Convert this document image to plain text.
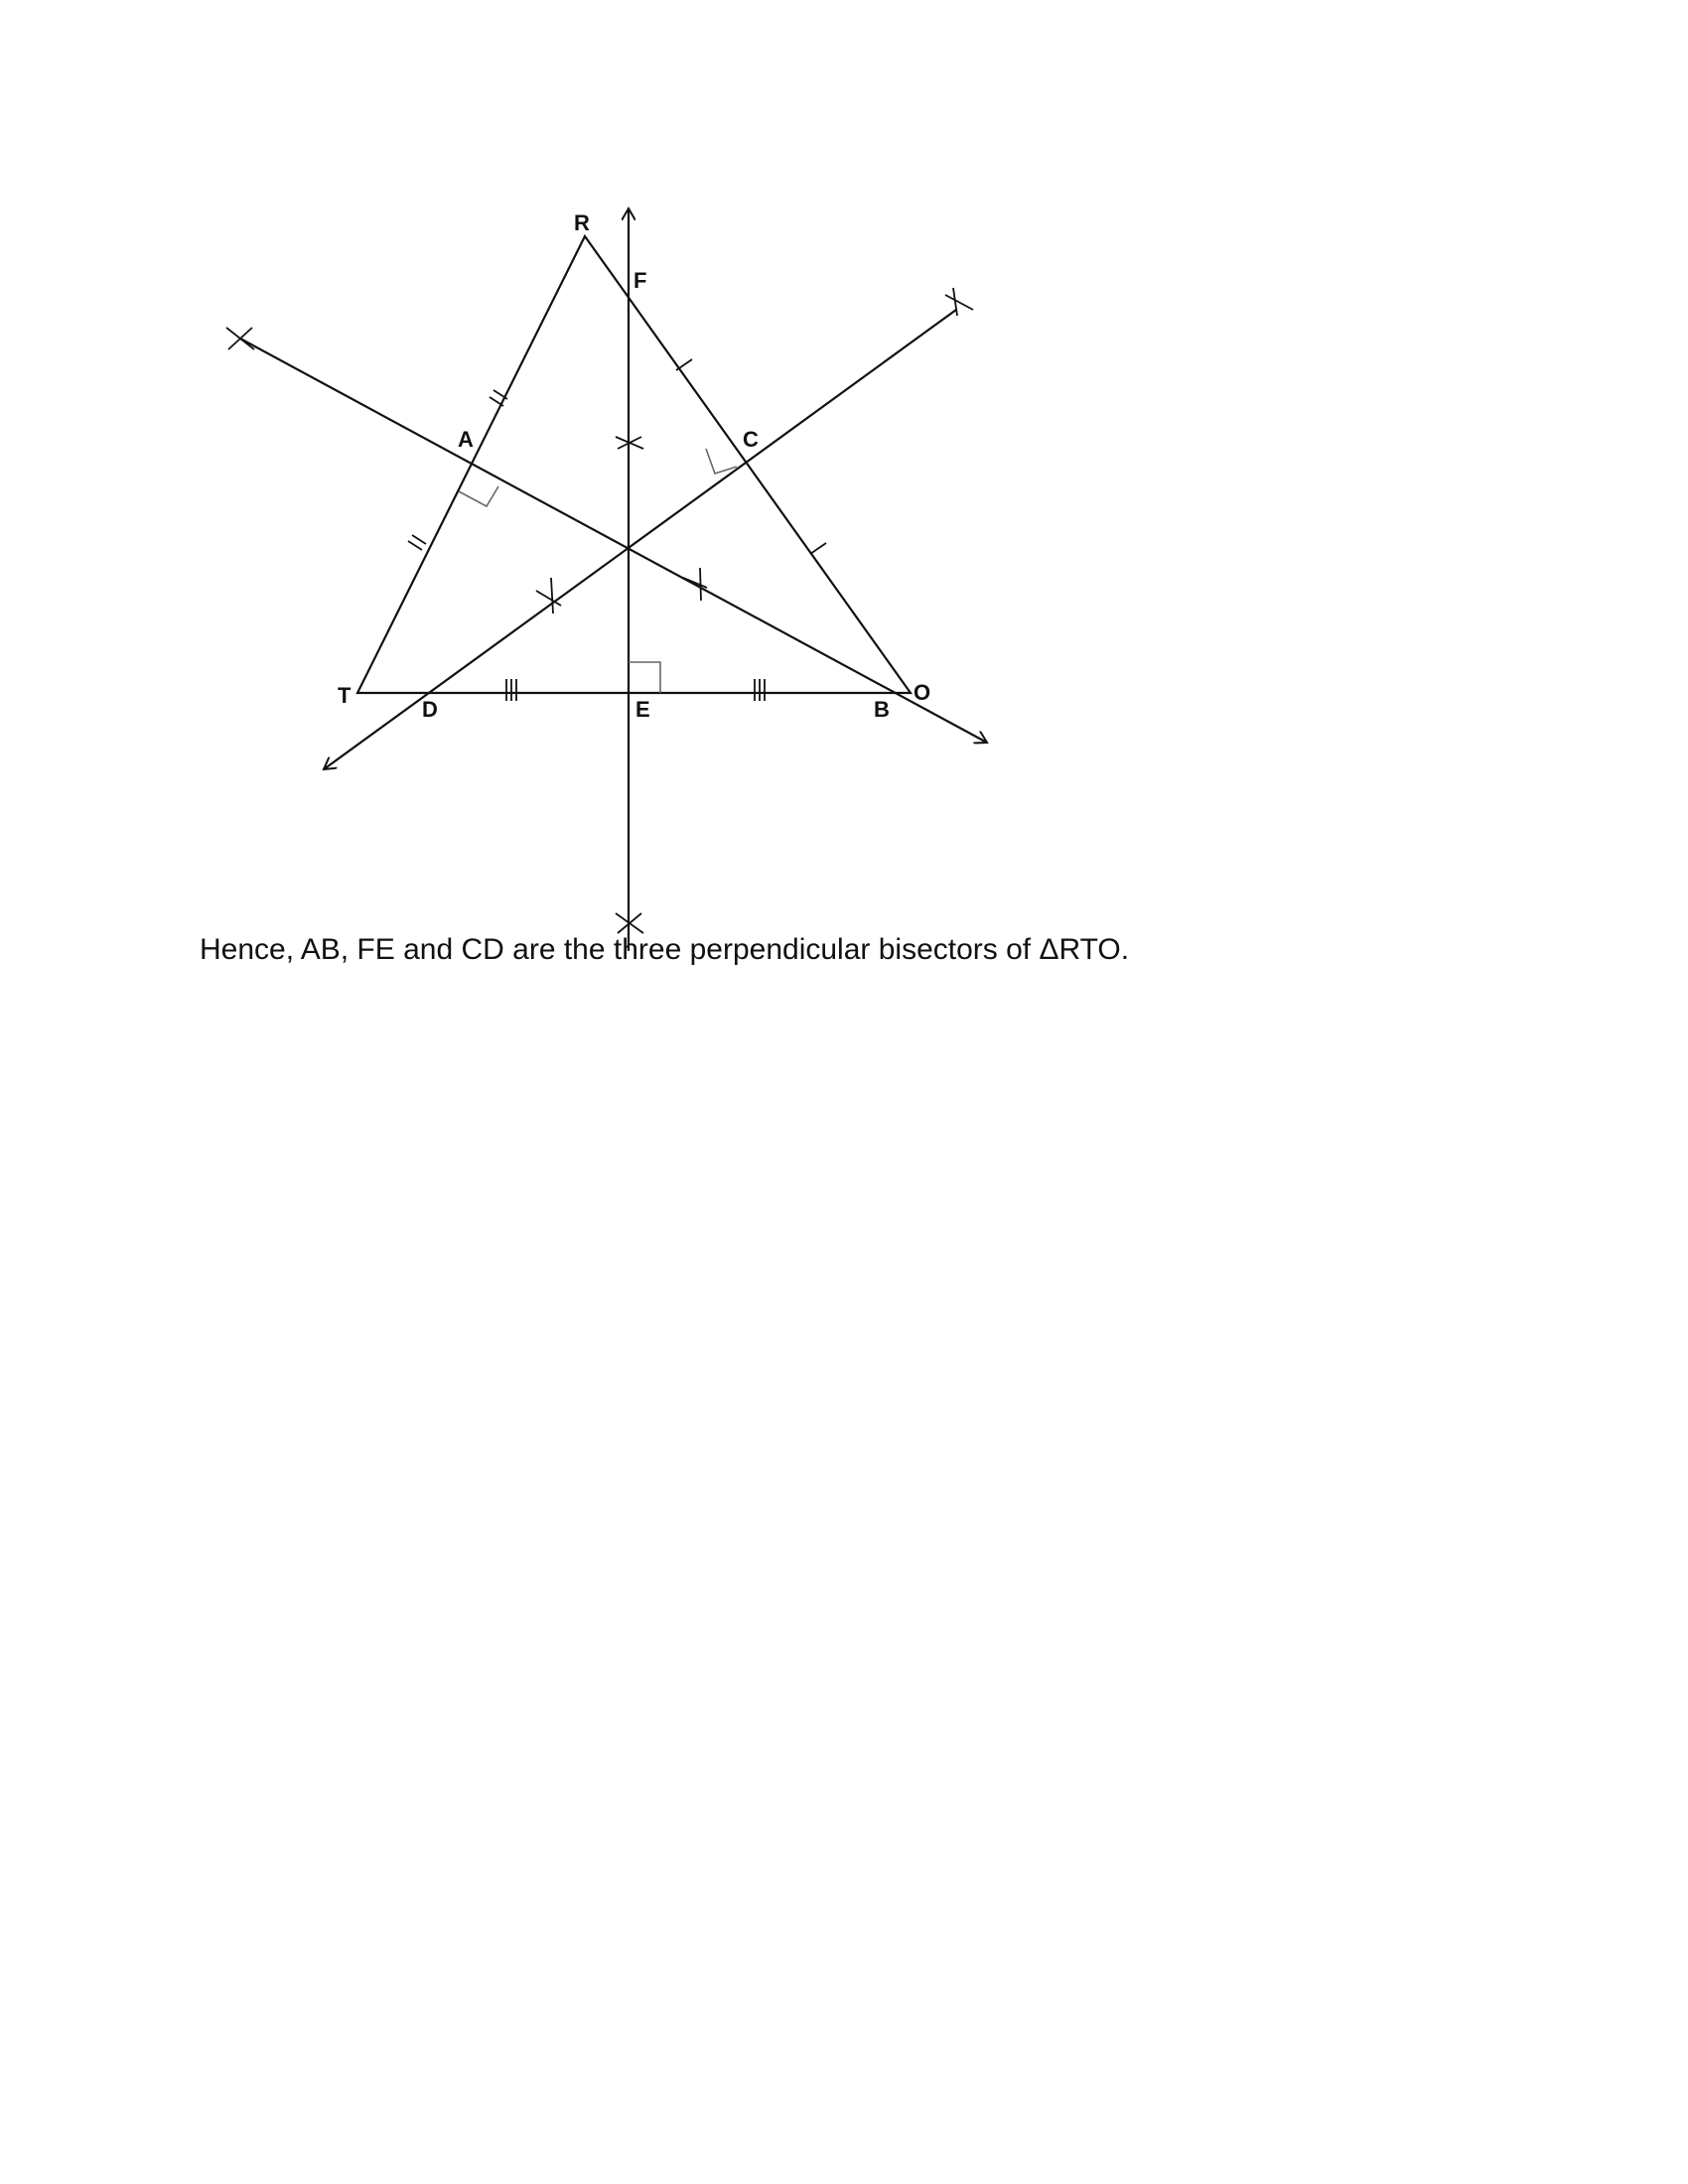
R
T	O
A
B
C
D	E
F
Hence, AB, FE and CD are the three perpendicular bisectors of ΔRTO.
